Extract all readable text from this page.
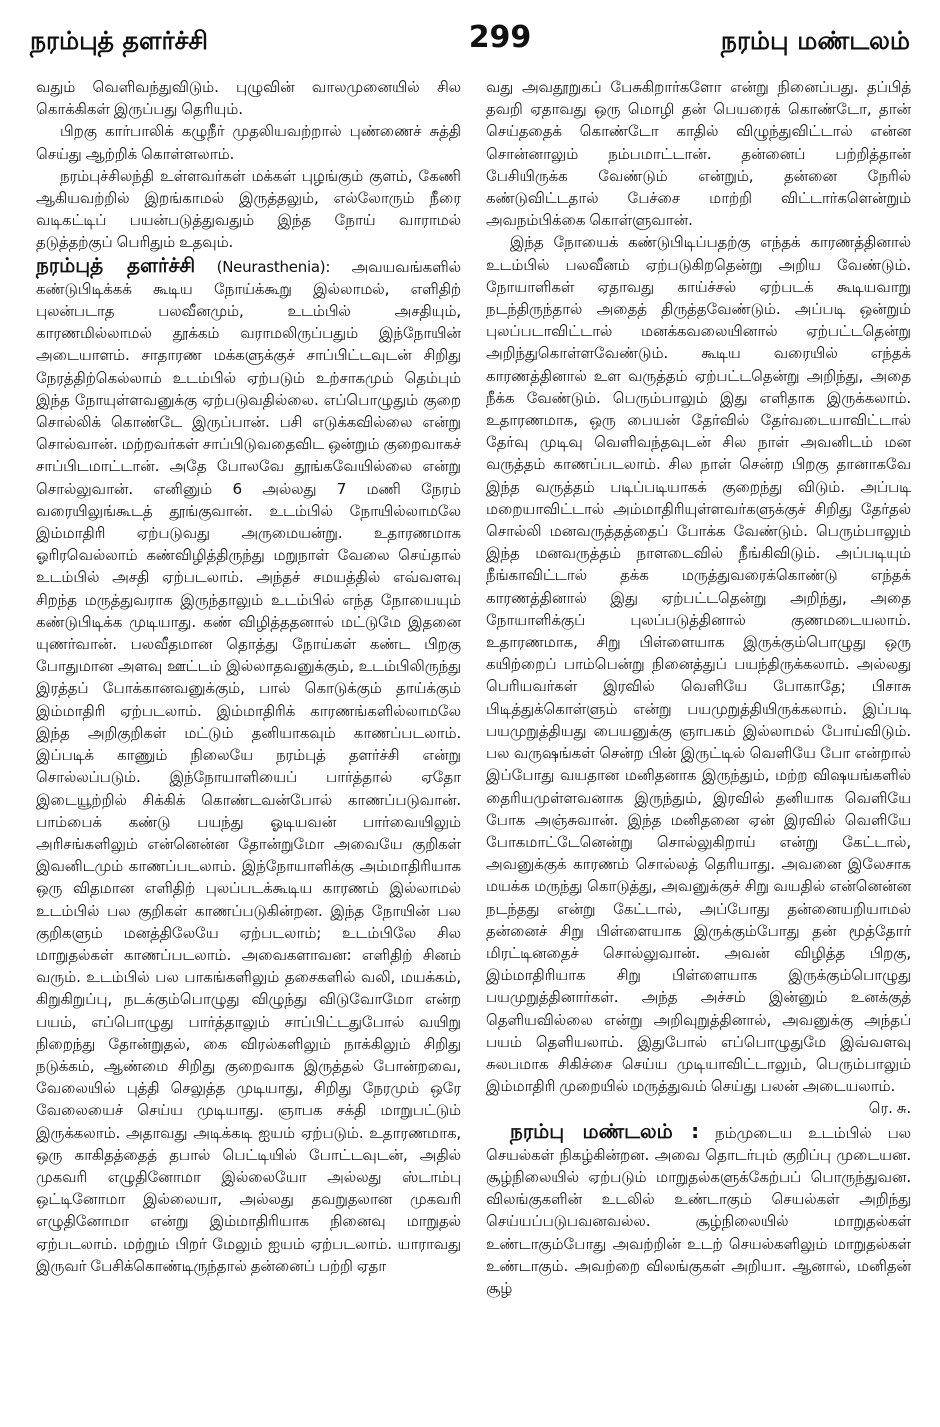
நரம்புத் தளர்ச்சி	299	நரம்பு மண்டலம்

வதும் வெளிவந்துவிடும். புழுவின் வாலமுனையில் சில கொக்கிகள் இருப்பது தெரியும்.

பிறகு கார்பாலிக் கழுநீர் முதலியவற்றால் புண்ணைச் சுத்தி செய்து ஆற்றிக் கொள்ளலாம்.

நரம்புச்சிலந்தி உள்ளவர்கள் மக்கள் புழங்கும் குளம், கேணி ஆகியவற்றில் இறங்காமல் இருத்தலும், எல்லோரும் நீரை வடிகட்டிப் பயன்படுத்துவதும் இந்த நோய் வாராமல் தடுத்தற்குப் பெரிதும் உதவும்.

நரம்புத் தளர்ச்சி (Neurasthenia): அவயவங்களில் கண்டுபிடிக்கக் கூடிய நோய்க்கூறு இல்லாமல், எளிதிற் புலன்படாத பலவீனமும், உடம்பில் அசதியும், காரணமில்லாமல் தூக்கம் வராமலிருப்பதும் இந்நோயின் அடையாளம். சாதாரண மக்களுக்குச் சாப்பிட்டவுடன் சிறிது நேரத்திற்கெல்லாம் உடம்பில் ஏற்படும் உற்சாகமும் தெம்பும் இந்த நோயுள்ளவனுக்கு ஏற்படுவதில்லை. எப்பொழுதும் குறை சொல்லிக் கொண்டே இருப்பான். பசி எடுக்கவில்லை என்று சொல்வான். மற்றவர்கள் சாப்பிடுவதைவிட ஒன்றும் குறைவாகச் சாப்பிடமாட்டான். அதே போலவே தூங்கவேயில்லை என்று சொல்லுவான். எனினும் 6 அல்லது 7 மணி நேரம் வரையிலுங்கூடத் தூங்குவான். உடம்பில் நோயில்லாமலே இம்மாதிரி ஏற்படுவது அருமையன்று. உதாரணமாக ஓரிரவெல்லாம் கண்விழித்திருந்து மறுநாள் வேலை செய்தால் உடம்பில் அசதி ஏற்படலாம். அந்தச் சமயத்தில் எவ்வளவு சிறந்த மருத்துவராக இருந்தாலும் உடம்பில் எந்த நோயையும் கண்டுபிடிக்க முடியாது. கண் விழித்ததனால் மட்டுமே இதனை யுணர்வான். பலவீதமான தொத்து நோய்கள் கண்ட பிறகு போதுமான அளவு ஊட்டம் இல்லாதவனுக்கும், உடம்பிலிருந்து இரத்தப் போக்கானவனுக்கும், பால் கொடுக்கும் தாய்க்கும் இம்மாதிரி ஏற்படலாம். இம்மாதிரிக் காரணங்களில்லாமலே இந்த அறிகுறிகள் மட்டும் தனியாகவும் காணப்படலாம். இப்படிக் காணும் நிலையே நரம்புத் தளர்ச்சி என்று சொல்லப்படும். இந்நோயாளியைப் பார்த்தால் ஏதோ இடையூற்றில் சிக்கிக் கொண்டவன்போல் காணப்படுவான். பாம்பைக் கண்டு பயந்து ஓடியவன் பார்வையிலும் அரிசங்களிலும் என்னென்ன தோன்றுமோ அவையே குறிகள் இவனிடமும் காணப்படலாம். இந்நோயாளிக்கு அம்மாதிரியாக ஒரு விதமான எளிதிற் புலப்படக்கூடிய காரணம் இல்லாமல் உடம்பில் பல குறிகள் காணப்படுகின்றன. இந்த நோயின் பல குறிகளும் மனத்திலேயே ஏற்படலாம்; உடம்பிலே சில மாறுதல்கள் காணப்படலாம். அவைகளாவன: எளிதிற் சினம் வரும். உடம்பில் பல பாகங்களிலும் தசைகளில் வலி, மயக்கம், கிறுகிறுப்பு, நடக்கும்பொழுது விழுந்து விடுவோமோ என்ற பயம், எப்பொழுது பார்த்தாலும் சாப்பிட்டதுபோல் வயிறு நிறைந்து தோன்றுதல், கை விரல்களிலும் நாக்கிலும் சிறிது நடுக்கம், ஆண்மை சிறிது குறைவாக இருத்தல் போன்றவை, வேலையில் புத்தி செலுத்த முடியாது, சிறிது நேரமும் ஒரே வேலையைச் செய்ய முடியாது. ஞாபக சக்தி மாறுபட்டும் இருக்கலாம். அதாவது அடிக்கடி ஐயம் ஏற்படும். உதாரணமாக, ஒரு காகிதத்தைத் தபால் பெட்டியில் போட்டவுடன், அதில் முகவரி எழுதினோமா இல்லையோ அல்லது ஸ்டாம்பு ஒட்டினோமா இல்லையா, அல்லது தவறுதலான முகவரி எழுதினோமா என்று இம்மாதிரியாக நினைவு மாறுதல் ஏற்படலாம். மற்றும் பிறர் மேலும் ஐயம் ஏற்படலாம். யாராவது இருவர் பேசிக்கொண்டிருந்தால் தன்னைப் பற்றி ஏதா

வது அவதூறுகப் பேசுகிறார்களோ என்று நினைப்பது. தப்பித் தவறி ஏதாவது ஒரு மொழி தன் பெயரைக் கொண்டோ, தான் செய்ததைக் கொண்டோ காதில் விழுந்துவிட்டால் என்ன சொன்னாலும் நம்பமாட்டான். தன்னைப் பற்றித்தான் பேசியிருக்க வேண்டும் என்றும், தன்னை நேரில் கண்டுவிட்டதால் பேச்சை மாற்றி விட்டார்களென்றும் அவநம்பிக்கை கொள்ளுவான்.

இந்த நோயைக் கண்டுபிடிப்பதற்கு எந்தக் காரணத்தினால் உடம்பில் பலவீனம் ஏற்படுகிறதென்று அறிய வேண்டும். நோயாளிகள் ஏதாவது காய்ச்சல் ஏற்படக் கூடியவாறு நடந்திருந்தால் அதைத் திருத்தவேண்டும். அப்படி ஒன்றும் புலப்படாவிட்டால் மனக்கவலையினால் ஏற்பட்டதென்று அறிந்துகொள்ளவேண்டும். கூடிய வரையில் எந்தக் காரணத்தினால் உள வருத்தம் ஏற்பட்டதென்று அறிந்து, அதை நீக்க வேண்டும். பெரும்பாலும் இது எளிதாக இருக்கலாம். உதாரணமாக, ஒரு பையன் தேர்வில் தேர்வடையாவிட்டால் தேர்வு முடிவு வெளிவந்தவுடன் சில நாள் அவனிடம் மன வருத்தம் காணப்படலாம். சில நாள் சென்ற பிறகு தானாகவே இந்த வருத்தம் படிப்படியாகக் குறைந்து விடும். அப்படி மறையாவிட்டால் அம்மாதிரியுள்ளவர்களுக்குச் சிறிது தேர்தல் சொல்லி மனவருத்தத்தைப் போக்க வேண்டும். பெரும்பாலும் இந்த மனவருத்தம் நாளடைவில் நீங்கிவிடும். அப்படியும் நீங்காவிட்டால் தக்க மருத்துவரைக்கொண்டு எந்தக் காரணத்தினால் இது ஏற்பட்டதென்று அறிந்து, அதை நோயாளிக்குப் புலப்படுத்தினால் குணமடையலாம். உதாரணமாக, சிறு பிள்ளையாக இருக்கும்பொழுது ஒரு கயிற்றைப் பாம்பென்று நினைத்துப் பயந்திருக்கலாம். அல்லது பெரியவர்கள் இரவில் வெளியே போகாதே; பிசாசு பிடித்துக்கொள்ளும் என்று பயமுறுத்தியிருக்கலாம். இப்படி பயமுறுத்தியது பையனுக்கு ஞாபகம் இல்லாமல் போய்விடும். பல வருஷங்கள் சென்ற பின் இருட்டில் வெளியே போ என்றால் இப்போது வயதான மனிதனாக இருந்தும், மற்ற விஷயங்களில் தைரியமுள்ளவனாக இருந்தும், இரவில் தனியாக வெளியே போக அஞ்சுவான். இந்த மனிதனை ஏன் இரவில் வெளியே போகமாட்டேனென்று சொல்லுகிறாய் என்று கேட்டால், அவனுக்குக் காரணம் சொல்லத் தெரியாது. அவனை இலேசாக மயக்க மருந்து கொடுத்து, அவனுக்குச் சிறு வயதில் என்னென்ன நடந்தது என்று கேட்டால், அப்போது தன்னையறியாமல் தன்னைச் சிறு பிள்ளையாக இருக்கும்போது தன் மூத்தோர் மிரட்டினதைச் சொல்லுவான். அவன் விழித்த பிறகு, இம்மாதிரியாக சிறு பிள்ளையாக இருக்கும்பொழுது பயமுறுத்தினார்கள். அந்த அச்சம் இன்னும் உனக்குத் தெளியவில்லை என்று அறிவுறுத்தினால், அவனுக்கு அந்தப் பயம் தெளியலாம். இதுபோல் எப்பொழுதுமே இவ்வளவு சுலபமாக சிகிச்சை செய்ய முடியாவிட்டாலும், பெரும்பாலும் இம்மாதிரி முறையில் மருத்துவம் செய்து பலன் அடையலாம்.

ரெ. சு.

நரம்பு மண்டலம் : நம்முடைய உடம்பில் பல செயல்கள் நிகழ்கின்றன. அவை தொடர்பும் குறிப்பு முடையன. சூழ்நிலையில் ஏற்படும் மாறுதல்களுக்கேற்பப் பொருந்துவன. விலங்குகளின் உடலில் உண்டாகும் செயல்கள் அறிந்து செய்யப்படுபவனவல்ல. சூழ்நிலையில் மாறுதல்கள் உண்டாகும்போது அவற்றின் உடற் செயல்களிலும் மாறுதல்கள் உண்டாகும். அவற்றை விலங்குகள் அறியா. ஆனால், மனிதன் சூழ்
